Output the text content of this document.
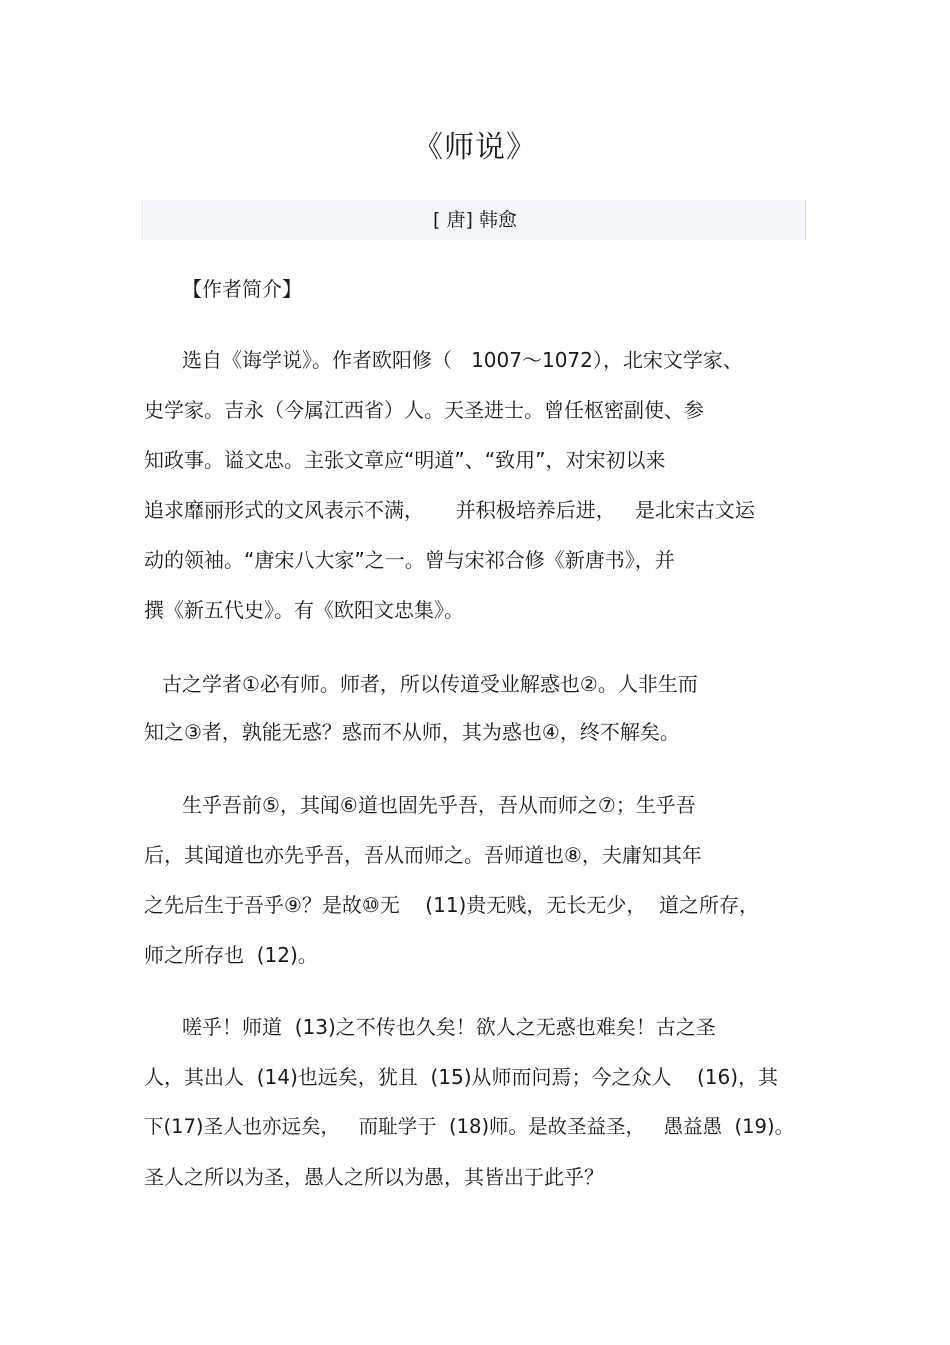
《师说》
[ 唐] 韩愈
【作者简介】
选自《诲学说》。作者欧阳修（   1007～1072），北宋文学家、
史学家。吉永（今属江西省）人。天圣进士。曾任枢密副使、参
知政事。谥文忠。主张文章应“明道”、“致用”，对宋初以来
追求靡丽形式的文风表示不满，     并积极培养后进，   是北宋古文运
动的领袖。“唐宋八大家”之一。曾与宋祁合修《新唐书》，并
撰《新五代史》。有《欧阳文忠集》。
古之学者①必有师。师者，所以传道受业解惑也②。人非生而
知之③者，孰能无惑？惑而不从师，其为惑也④，终不解矣。
生乎吾前⑤，其闻⑥道也固先乎吾，吾从而师之⑦；生乎吾
后，其闻道也亦先乎吾，吾从而师之。吾师道也⑧，夫庸知其年
之先后生于吾乎⑨？是故⑩无    (11)贵无贱，无长无少，  道之所存，
师之所存也  (12)。
嗟乎！师道  (13)之不传也久矣！欲人之无惑也难矣！古之圣
人，其出人  (14)也远矣，犹且  (15)从师而问焉；今之众人    (16)，其
下(17)圣人也亦远矣，   而耻学于  (18)师。是故圣益圣，   愚益愚  (19)。
圣人之所以为圣，愚人之所以为愚，其皆出于此乎？
